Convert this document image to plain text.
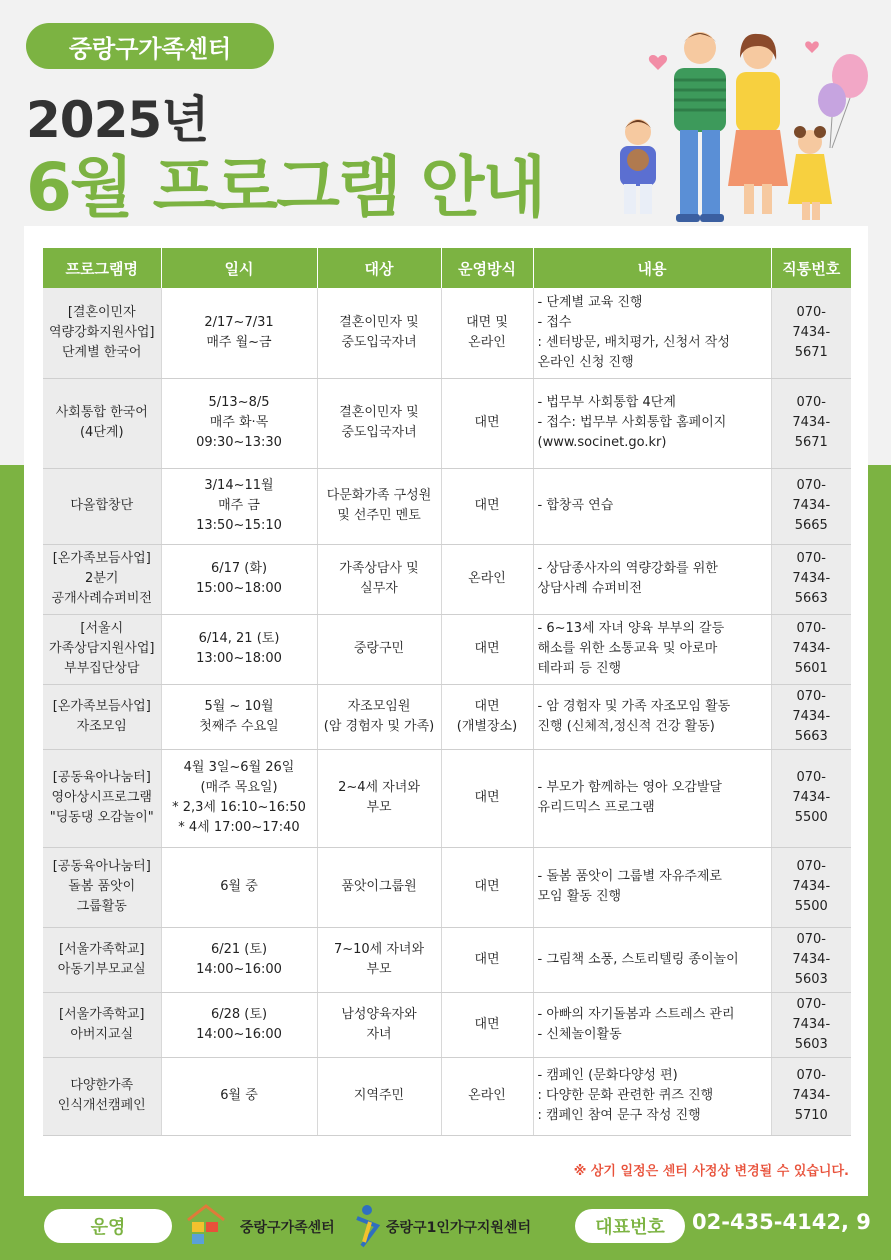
중랑구가족센터
2025년
6월 프로그램 안내
프로그램명	일시	대상	운영방식	내용	직통번호
[결혼이민자
역량강화지원사업]
단계별 한국어	2/17~7/31
매주 월~금	결혼이민자 및
중도입국자녀	대면 및
온라인	- 단계별 교육 진행
- 접수
: 센터방문, 배치평가, 신청서 작성
온라인 신청 진행	070-
7434-
5671
사회통합 한국어
(4단계)	5/13~8/5
매주 화·목
09:30~13:30	결혼이민자 및
중도입국자녀	대면	- 법무부 사회통합 4단계
- 접수: 법무부 사회통합 홈페이지
(www.socinet.go.kr)	070-
7434-
5671
다올합창단	3/14~11월
매주 금
13:50~15:10	다문화가족 구성원
및 선주민 멘토	대면	- 합창곡 연습	070-
7434-
5665
[온가족보듬사업]
2분기
공개사례슈퍼비전	6/17 (화)
15:00~18:00	가족상담사 및
실무자	온라인	- 상담종사자의 역량강화를 위한
상담사례 슈퍼비전	070-
7434-
5663
[서울시
가족상담지원사업]
부부집단상담	6/14, 21 (토)
13:00~18:00	중랑구민	대면	- 6~13세 자녀 양육 부부의 갈등
해소를 위한 소통교육 및 아로마
테라피 등 진행	070-
7434-
5601
[온가족보듬사업]
자조모임	5월 ~ 10월
첫째주 수요일	자조모임원
(암 경험자 및 가족)	대면
(개별장소)	- 암 경험자 및 가족 자조모임 활동
진행 (신체적,정신적 건강 활동)	070-
7434-
5663
[공동육아나눔터]
영아상시프로그램
"딩동댕 오감놀이"	4월 3일~6월 26일
(매주 목요일)
* 2,3세 16:10~16:50
* 4세 17:00~17:40	2~4세 자녀와
부모	대면	- 부모가 함께하는 영아 오감발달
유리드믹스 프로그램	070-
7434-
5500
[공동육아나눔터]
돌봄 품앗이
그룹활동	6월 중	품앗이그룹원	대면	- 돌봄 품앗이 그룹별 자유주제로
모임 활동 진행	070-
7434-
5500
[서울가족학교]
아동기부모교실	6/21 (토)
14:00~16:00	7~10세 자녀와
부모	대면	- 그림책 소풍, 스토리텔링 종이놀이	070-
7434-
5603
[서울가족학교]
아버지교실	6/28 (토)
14:00~16:00	남성양육자와
자녀	대면	- 아빠의 자기돌봄과 스트레스 관리
- 신체놀이활동	070-
7434-
5603
다양한가족
인식개선캠페인	6월 중	지역주민	온라인	- 캠페인 (문화다양성 편)
: 다양한 문화 관련한 퀴즈 진행
: 캠페인 참여 문구 작성 진행	070-
7434-
5710
※ 상기 일정은 센터 사정상 변경될 수 있습니다.
운영	중랑구가족센터	중랑구1인가구지원센터	대표번호	02-435-4142, 9
